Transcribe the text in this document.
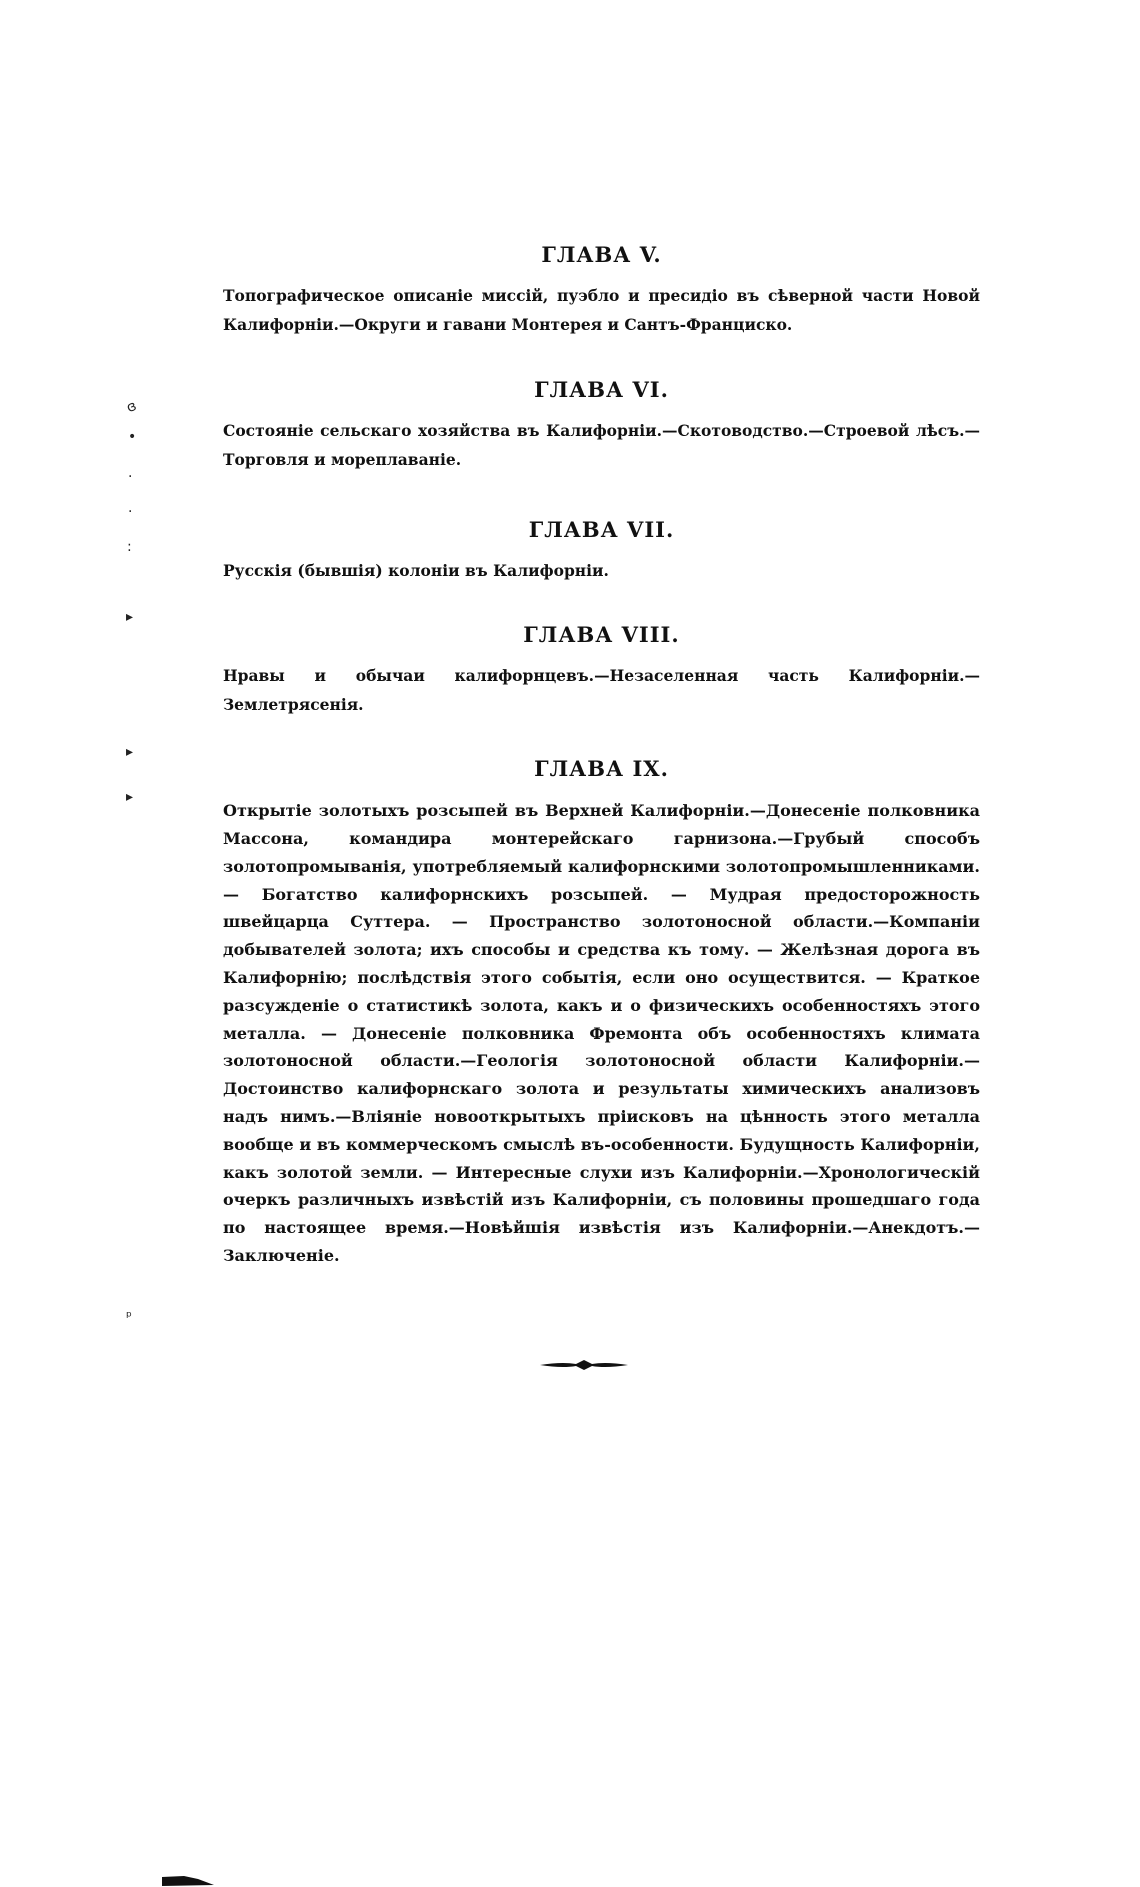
ГЛАВА V.

Топографическое описаніе миссій, пуэбло и пресидіо въ сѣверной части Новой Калифорніи.—Округи и гавани Монтерея и Сантъ-Франциско.

ГЛАВА VI.

Состояніе сельскаго хозяйства въ Калифорніи.—Скотоводство.—Строевой лѣсъ.—Торговля и мореплаваніе.

ГЛАВА VII.

Русскія (бывшія) колоніи въ Калифорніи.

ГЛАВА VIII.

Нравы и обычаи калифорнцевъ.—Незаселенная часть Калифорніи.—Землетрясенія.

ГЛАВА IX.

Открытіе золотыхъ розсыпей въ Верхней Калифорніи.—Донесеніе полковника Массона, командира монтерейскаго гарнизона.—Грубый способъ золотопромыванія, употребляемый калифорнскими золотопромышленниками. — Богатство калифорнскихъ розсыпей. — Мудрая предосторожность швейцарца Суттера. — Пространство золотоносной области.—Компаніи добывателей золота; ихъ способы и средства къ тому. — Желѣзная дорога въ Калифорнію; послѣдствія этого событія, если оно осуществится. — Краткое разсужденіе о статистикѣ золота, какъ и о физическихъ особенностяхъ этого металла. — Донесеніе полковника Фремонта объ особенностяхъ климата золотоносной области.—Геологія золотоносной области Калифорніи.—Достоинство калифорнскаго золота и результаты химическихъ анализовъ надъ нимъ.—Вліяніе новооткрытыхъ пріисковъ на цѣнность этого металла вообще и въ коммерческомъ смыслѣ въ-особенности. Будущность Калифорніи, какъ золотой земли. — Интересные слухи изъ Калифорніи.—Хронологическій очеркъ различныхъ извѣстій изъ Калифорніи, съ половины прошедшаго года по настоящее время.—Новѣйшія извѣстія изъ Калифорніи.—Анекдотъ.—Заключеніе.

ɞ
•
·
·
:
▸
▸
▸
ᵖ
